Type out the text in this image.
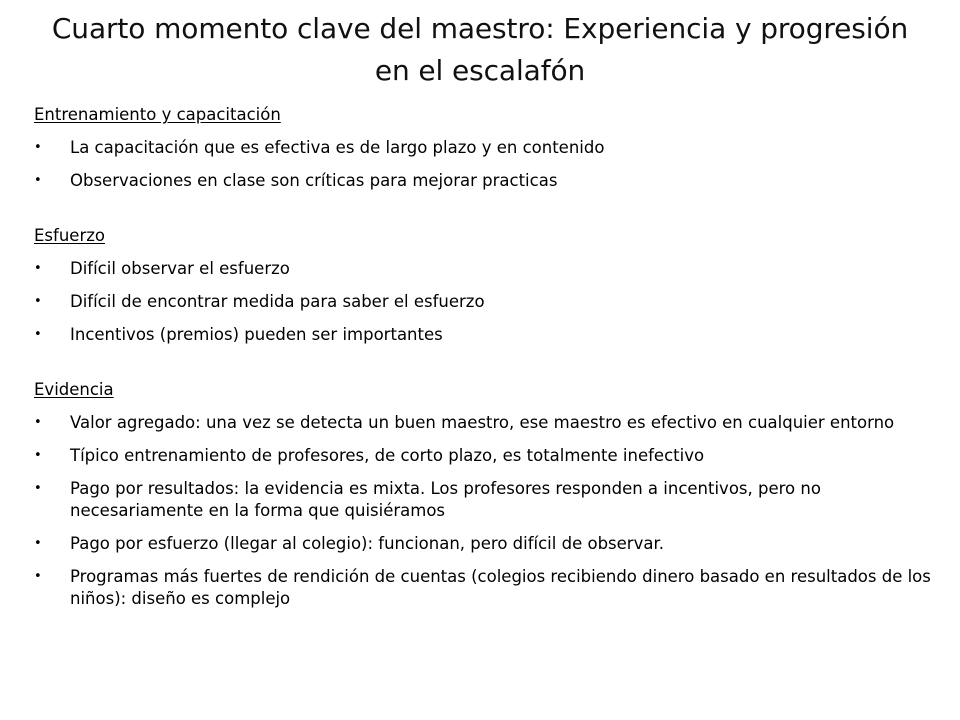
Cuarto momento clave del maestro: Experiencia y progresión en el escalafón
Entrenamiento y capacitación
• La capacitación que es efectiva es de largo plazo y en contenido
• Observaciones en clase son críticas para mejorar practicas
Esfuerzo
• Difícil observar el esfuerzo
• Difícil de encontrar medida para saber el esfuerzo
• Incentivos (premios) pueden ser importantes
Evidencia
• Valor agregado: una vez se detecta un buen maestro, ese maestro es efectivo en cualquier entorno
• Típico entrenamiento de profesores, de corto plazo, es totalmente inefectivo
• Pago por resultados: la evidencia es mixta. Los profesores responden a incentivos, pero no necesariamente en la forma que quisiéramos
• Pago por esfuerzo (llegar al colegio): funcionan, pero difícil de observar.
• Programas más fuertes de rendición de cuentas (colegios recibiendo dinero basado en resultados de los niños): diseño es complejo
